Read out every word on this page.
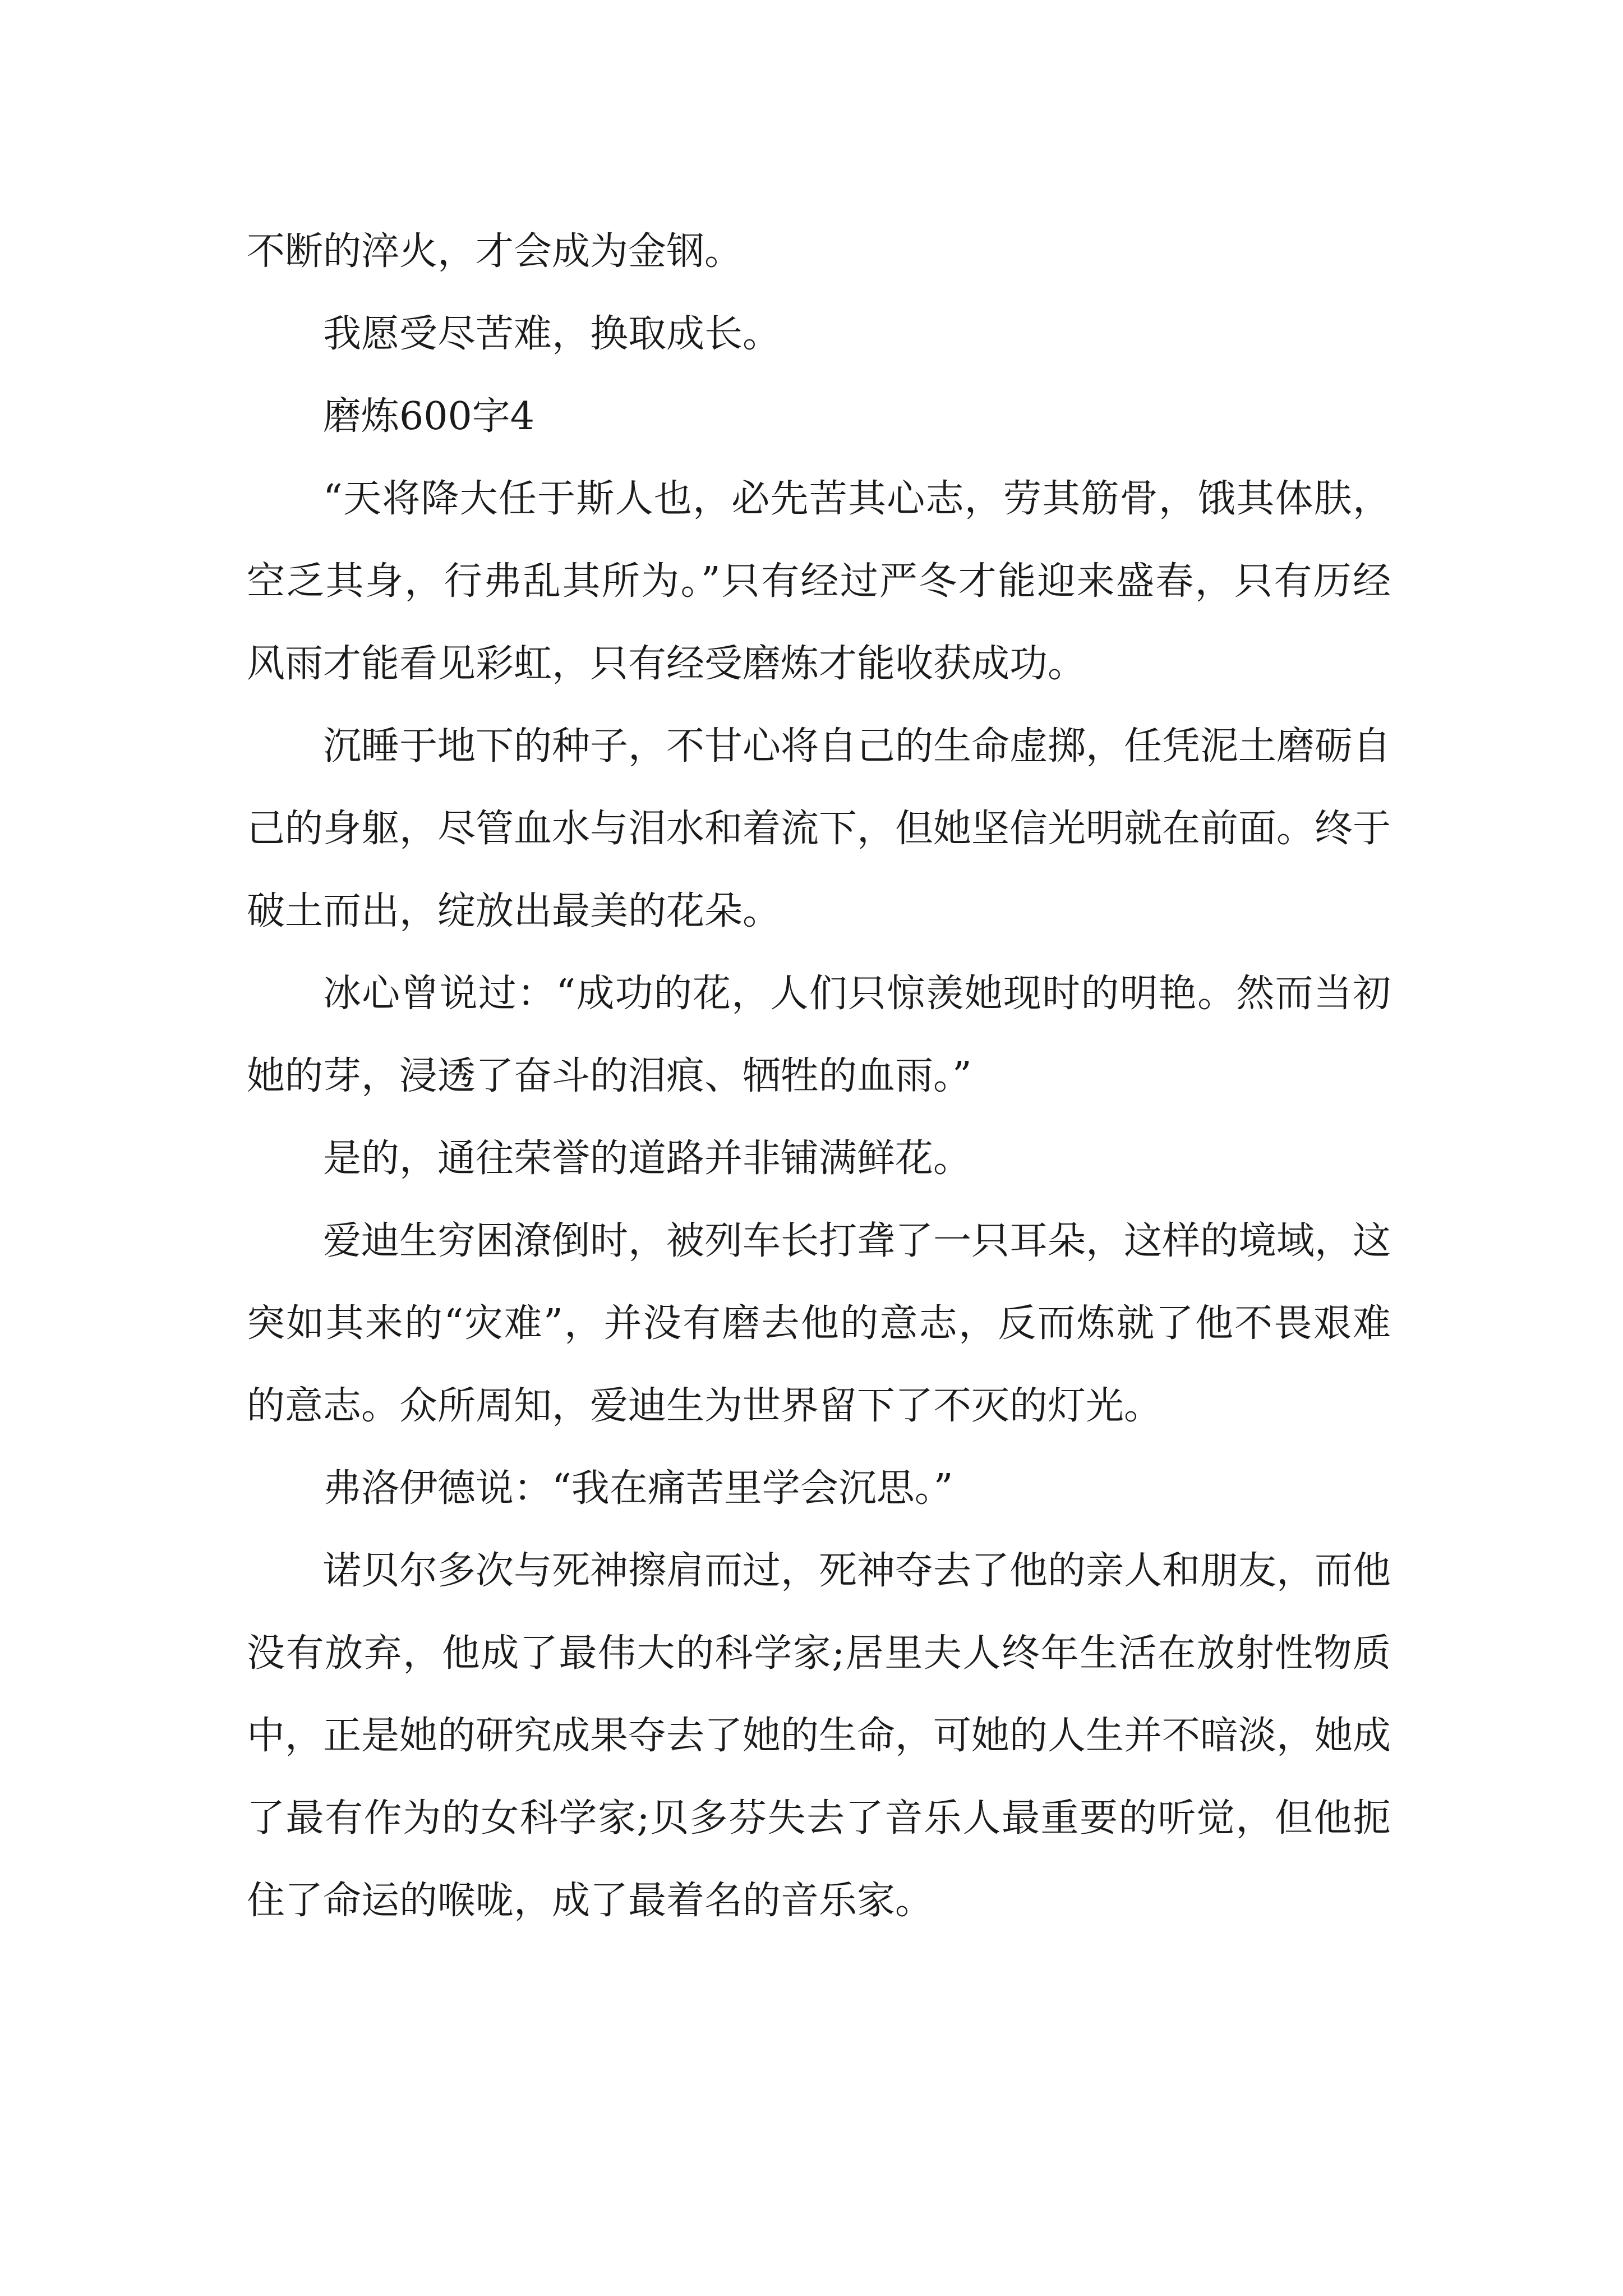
不断的淬火，才会成为金钢。

我愿受尽苦难，换取成长。

磨炼600字4

“天将降大任于斯人也，必先苦其心志，劳其筋骨，饿其体肤，空乏其身，行弗乱其所为。”只有经过严冬才能迎来盛春，只有历经风雨才能看见彩虹，只有经受磨炼才能收获成功。

沉睡于地下的种子，不甘心将自己的生命虚掷，任凭泥土磨砺自己的身躯，尽管血水与泪水和着流下，但她坚信光明就在前面。终于破土而出，绽放出最美的花朵。

冰心曾说过：“成功的花，人们只惊羡她现时的明艳。然而当初她的芽，浸透了奋斗的泪痕、牺牲的血雨。”

是的，通往荣誉的道路并非铺满鲜花。

爱迪生穷困潦倒时，被列车长打聋了一只耳朵，这样的境域，这突如其来的“灾难”，并没有磨去他的意志，反而炼就了他不畏艰难的意志。众所周知，爱迪生为世界留下了不灭的灯光。

弗洛伊德说：“我在痛苦里学会沉思。”

诺贝尔多次与死神擦肩而过，死神夺去了他的亲人和朋友，而他没有放弃，他成了最伟大的科学家;居里夫人终年生活在放射性物质中，正是她的研究成果夺去了她的生命，可她的人生并不暗淡，她成了最有作为的女科学家;贝多芬失去了音乐人最重要的听觉，但他扼住了命运的喉咙，成了最着名的音乐家。
